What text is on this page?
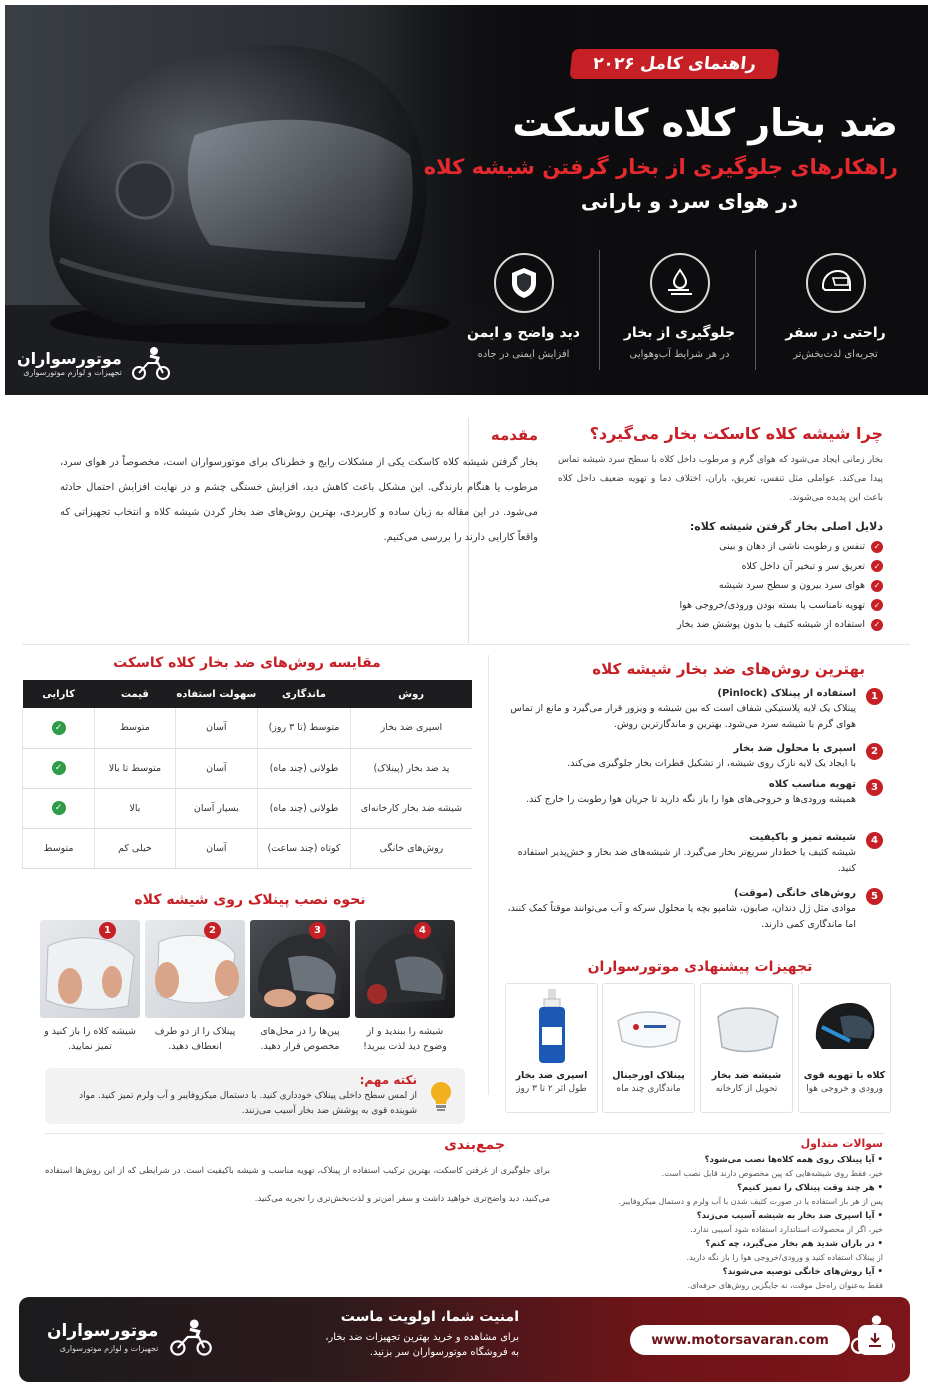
راهنمای کامل ۲۰۲۶
ضد بخار کلاه کاسکت
راهکارهای جلوگیری از بخار گرفتن شیشه کلاه
در هوای سرد و بارانی
راحتی در سفر
تجربه‌ای لذت‌بخش‌تر
جلوگیری از بخار
در هر شرایط آب‌وهوایی
دید واضح و ایمن
افزایش ایمنی در جاده
موتورسواران
تجهیزات و لوازم موتورسواری
چرا شیشه کلاه کاسکت بخار می‌گیرد؟
بخار زمانی ایجاد می‌شود که هوای گرم و مرطوب داخل کلاه با سطح سرد شیشه تماس پیدا می‌کند. عواملی مثل تنفس، تعریق، باران، اختلاف دما و تهویه ضعیف داخل کلاه باعث این پدیده می‌شوند.
دلایل اصلی بخار گرفتن شیشه کلاه:
✓تنفس و رطوبت ناشی از دهان و بینی
✓تعریق سر و تبخیر آن داخل کلاه
✓هوای سرد بیرون و سطح سرد شیشه
✓تهویه نامناسب یا بسته بودن ورودی/خروجی هوا
✓استفاده از شیشه کثیف یا بدون پوشش ضد بخار
مقدمه
بخار گرفتن شیشه کلاه کاسکت یکی از مشکلات رایج و خطرناک برای موتورسواران است، مخصوصاً در هوای سرد، مرطوب یا هنگام بارندگی. این مشکل باعث کاهش دید، افزایش خستگی چشم و در نهایت افزایش احتمال حادثه می‌شود. در این مقاله به زبان ساده و کاربردی، بهترین روش‌های ضد بخار کردن شیشه کلاه و انتخاب تجهیزاتی که واقعاً کارایی دارند را بررسی می‌کنیم.
بهترین روش‌های ضد بخار شیشه کلاه
1
استفاده از پینلاک (Pinlock)
پینلاک یک لایه پلاستیکی شفاف است که بین شیشه و ویزور قرار می‌گیرد و مانع از تماس هوای گرم با شیشه سرد می‌شود. بهترین و ماندگارترین روش.
2
اسپری یا محلول ضد بخار
با ایجاد یک لایه نازک روی شیشه، از تشکیل قطرات بخار جلوگیری می‌کند.
3
تهویه مناسب کلاه
همیشه ورودی‌ها و خروجی‌های هوا را باز نگه دارید تا جریان هوا رطوبت را خارج کند.
4
شیشه تمیز و باکیفیت
شیشه کثیف یا خط‌دار سریع‌تر بخار می‌گیرد. از شیشه‌های ضد بخار و خش‌پذیر استفاده کنید.
5
روش‌های خانگی (موقت)
موادی مثل ژل دندان، صابون، شامپو بچه یا محلول سرکه و آب می‌توانند موقتاً کمک کنند، اما ماندگاری کمی دارند.
مقایسه روش‌های ضد بخار کلاه کاسکت
روش	ماندگاری	سهولت استفاده	قیمت	کارایی
اسپری ضد بخار	متوسط (تا ۳ روز)	آسان	متوسط	✓
پد ضد بخار (پینلاک)	طولانی (چند ماه)	آسان	متوسط تا بالا	✓
شیشه ضد بخار کارخانه‌ای	طولانی (چند ماه)	بسیار آسان	بالا	✓
روش‌های خانگی	کوتاه (چند ساعت)	آسان	خیلی کم	متوسط
نحوه نصب پینلاک روی شیشه کلاه
4
شیشه را ببندید و از وضوح دید لذت ببرید!
3
پین‌ها را در محل‌های مخصوص قرار دهید.
2
پینلاک را از دو طرف انعطاف دهید.
1
شیشه کلاه را باز کنید و تمیز نمایید.
نکته مهم:
از لمس سطح داخلی پینلاک خودداری کنید. با دستمال میکروفایبر و آب ولرم تمیز کنید. مواد شوینده قوی به پوشش ضد بخار آسیب می‌زنند.
تجهیزات پیشنهادی موتورسواران
کلاه با تهویه قوی
ورودی و خروجی هوا
شیشه ضد بخار
تحویل از کارخانه
پینلاک اورجینال
ماندگاری چند ماه
اسپری ضد بخار
طول اثر ۲ تا ۳ روز
سوالات متداول
• آیا پینلاک روی همه کلاه‌ها نصب می‌شود؟
خیر، فقط روی شیشه‌هایی که پین مخصوص دارند قابل نصب است.
• هر چند وقت پینلاک را تمیز کنیم؟
پس از هر بار استفاده یا در صورت کثیف شدن با آب ولرم و دستمال میکروفایبر.
• آیا اسپری ضد بخار به شیشه آسیب می‌زند؟
خیر، اگر از محصولات استاندارد استفاده شود آسیبی ندارد.
• در باران شدید هم بخار می‌گیرد، چه کنم؟
از پینلاک استفاده کنید و ورودی/خروجی هوا را باز نگه دارید.
• آیا روش‌های خانگی توصیه می‌شوند؟
فقط به‌عنوان راه‌حل موقت، نه جایگزین روش‌های حرفه‌ای.
جمع‌بندی
برای جلوگیری از غرفتن کاسکت، بهترین ترکیب استفاده از پینلاک، تهویه مناسب و شیشه باکیفیت است. در شرایطی که از این روش‌ها استفاده می‌کنید، دید واضح‌تری خواهید داشت و سفر امن‌تر و لذت‌بخش‌تری را تجربه می‌کنید.
موتورسواران
تجهیزات و لوازم موتورسواری
امنیت شما، اولویت ماست
برای مشاهده و خرید بهترین تجهیزات ضد بخار،
به فروشگاه موتورسواران سر بزنید.
www.motorsavaran.com
